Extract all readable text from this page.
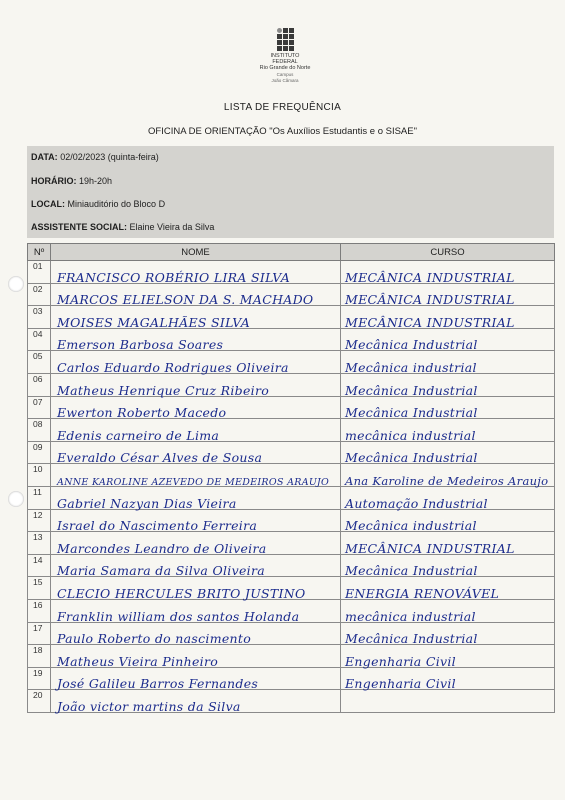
INSTITUTO
FEDERAL
Rio Grande do Norte
Campus
João Câmara
LISTA DE FREQUÊNCIA
OFICINA DE ORIENTAÇÃO "Os Auxílios Estudantis e o SISAE"
DATA: 02/02/2023 (quinta-feira)
HORÁRIO: 19h-20h
LOCAL: Miniauditório do Bloco D
ASSISTENTE SOCIAL: Elaine Vieira da Silva
Nº	NOME	CURSO
01	FRANCISCO ROBÉRIO LIRA SILVA	MECÂNICA INDUSTRIAL

02	MARCOS ELIELSON DA S. MACHADO	MECÂNICA INDUSTRIAL

03	MOISES MAGALHÃES SILVA	MECÂNICA INDUSTRIAL

04	Emerson Barbosa Soares	Mecânica Industrial

05	Carlos Eduardo Rodrigues Oliveira	Mecânica industrial

06	Matheus Henrique Cruz Ribeiro	Mecânica Industrial

07	Ewerton Roberto Macedo	Mecânica Industrial

08	Edenis carneiro de Lima	mecânica industrial

09	Everaldo César Alves de Sousa	Mecânica Industrial

10	ANNE KAROLINE AZEVEDO DE MEDEIROS ARAUJO	Ana Karoline de Medeiros Araujo

11	Gabriel Nazyan Dias Vieira	Automação Industrial

12	Israel do Nascimento Ferreira	Mecânica industrial

13	Marcondes Leandro de Oliveira	MECÂNICA INDUSTRIAL

14	Maria Samara da Silva Oliveira	Mecânica Industrial

15	CLECIO HERCULES BRITO JUSTINO	ENERGIA RENOVÁVEL

16	Franklin william dos santos Holanda	mecânica industrial

17	Paulo Roberto do nascimento	Mecânica Industrial

18	Matheus Vieira Pinheiro	Engenharia Civil

19	José Galileu Barros Fernandes	Engenharia Civil

20	João victor martins da Silva	
